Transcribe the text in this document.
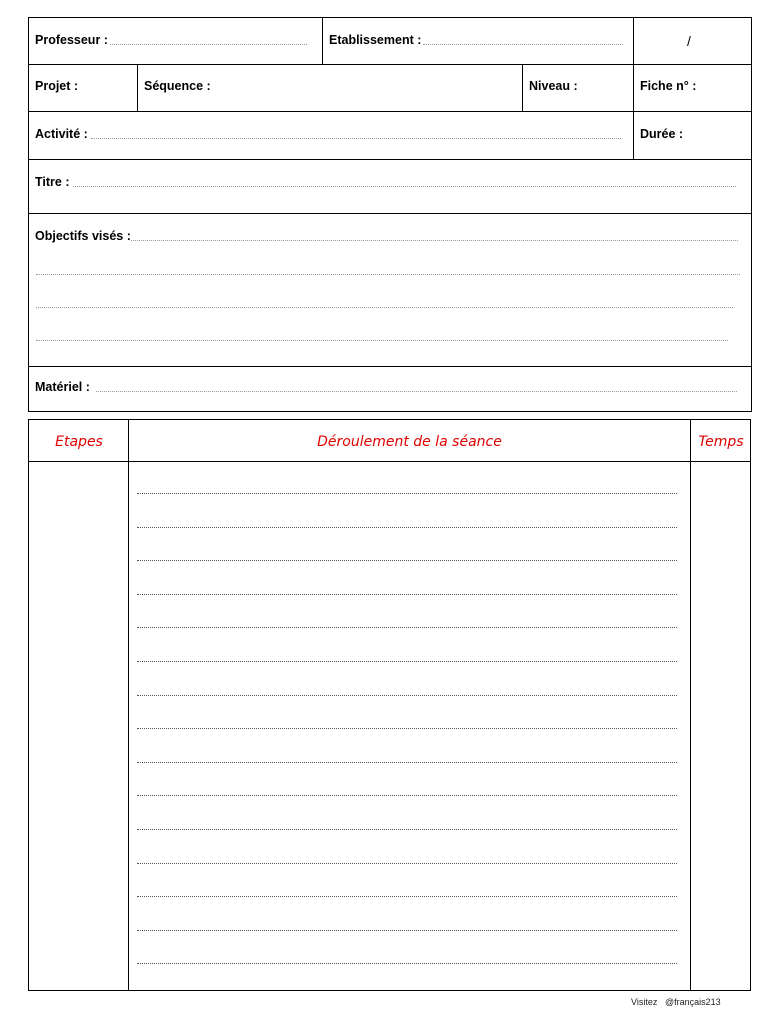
Professeur :	Etablissement :	/
Projet :	Séquence :	Niveau :	Fiche n° :
Activité :	Durée :
Titre :
Objectifs visés :
Matériel :
Etapes	Déroulement de la séance	Temps
Visitez @français213
